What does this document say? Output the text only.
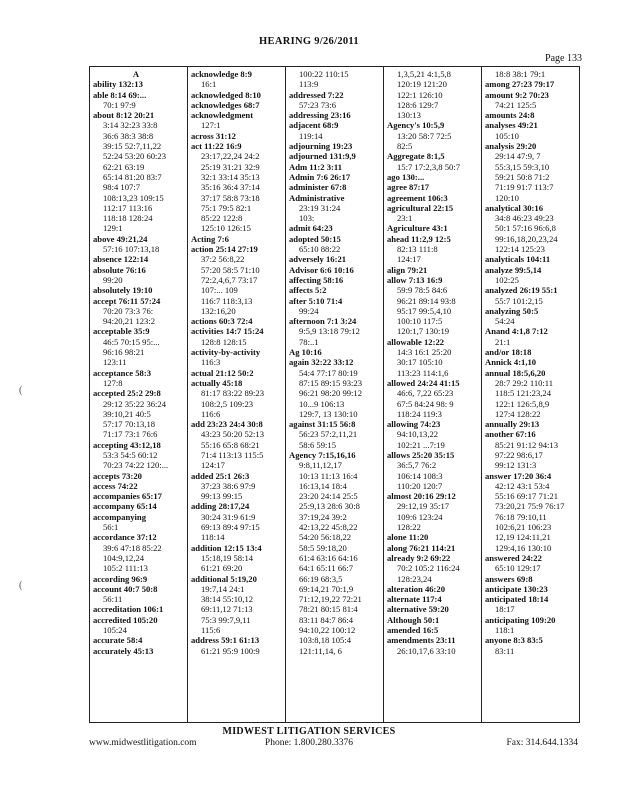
HEARING 9/26/2011
Page 133
(
(
A
ability 132:13
able 8:14 69:...
70:1 97:9
about 8:12 20:21
3:14 32:23 33:8
36:6 38:3 38:8
39:15 52:7,11,22
52:24 53:20 60:23
62:21 63:19
65:14 81:20 83:7
98:4 107:7
108:13,23 109:15
112:17 113:16
118:18 128:24
129:1
above 49:21,24
57:16 107:13,18
absence 122:14
absolute 76:16
99:20
absolutely 19:10
accept 76:11 57:24
70:20 73:3 76:
94:20,21 123:2
acceptable 35:9
46:5 70:15 95:...
96:16 98:21
123:11
acceptance 58:3
127:8
accepted 25:2 29:8
29:12 35:22 36:24
39:10,21 40:5
57:17 70:13,18
71:17 73:1 76:6
accepting 43:12,18
53:3 54:5 60:12
70:23 74:22 120:...
accepts 73:20
access 74:22
accompanies 65:17
accompany 65:14
accompanying
56:1
accordance 37:12
39:6 47:18 85:22
104:9,12,24
105:2 111:13
according 96:9
account 40:7 50:8
56:11
accreditation 106:1
accredited 105:20
105:24
accurate 58:4
accurately 45:13
acknowledge 8:9
16:1
acknowledged 8:10
acknowledges 68:7
acknowledgment
127:1
across 31:12
act 11:22 16:9
23:17,22,24 24:2
25:19 31:21 32:9
32:1 33:14 35:13
35:16 36:4 37:14
37:17 58:8 73:18
75:1 79:5 82:1
85:22 122:8
125:10 126:15
Acting 7:6
action 25:14 27:19
37:2 56:8,22
57:20 58:5 71:10
72:2,4,6,7 73:17
107:... 109
116:7 118:3,13
132:16,20
actions 60:3 72:4
activities 14:7 15:24
128:8 128:15
activity-by-activity
116:3
actual 21:12 50:2
actually 45:18
81:17 83:22 89:23
108:2,5 109:23
116:6
add 23:23 24:4 30:8
43:23 50:20 52:13
55:16 65:8 68:21
71:4 113:13 115:5
124:17
added 25:1 26:3
37:23 38:6 97:9
99:13 99:15
adding 28:17,24
30:24 31:9 61:9
69:13 89:4 97:15
118:14
addition 12:15 13:4
15:18,19 58:14
61:21 69:20
additional 5:19,20
19:7,14 24:1
38:14 55:10,12
69:11,12 71:13
75:3 99:7,9,11
115:6
address 59:1 61:13
61:21 95:9 100:9
100:22 110:15
113:9
addressed 7:22
57:23 73:6
addressing 23:16
adjacent 68:9
119:14
adjourning 19:23
adjourned 131:9,9
Adm 11:2 3:11
Admin 7:6 26:17
administer 67:8
Administrative
23:19 31:24
103:
admit 64:23
adopted 50:15
65:10 88:22
adversely 16:21
Advisor 6:6 10:16
affecting 58:16
affects 5:2
after 5:10 71:4
99:24
afternoon 7:1 3:24
9:5,9 13:18 79:12
78:..1
Ag 10:16
again 32:22 33:12
54:4 77:17 80:19
87:15 89:15 93:23
96:21 98:20 99:12
10...9 106:13
129:7, 13 130:10
against 31:15 56:8
56:23 57:2,11,21
58:6 59:15
Agency 7:15,16,16
9:8,11,12,17
10:13 11:13 16:4
16:13,14 18:4
23:20 24:14 25:5
25:9,13 28:6 30:8
37:19,24 39:2
42:13,22 45:8,22
54:20 56:18,22
58:5 59:18,20
61:4 63:16 64:16
64:1 65:11 66:7
66:19 68:3,5
69:14,21 70:1,9
71:12,19,22 72:21
78:21 80:15 81:4
83:11 84:7 86:4
94:10,22 100:12
103:8,18 105:4
121:11,14, 6
1,3,5,21 4:1,5,8
120:19 121:20
122:1 126:10
128:6 129:7
130:13
Agency's 10:5,9
13:20 58:7 72:5
82:5
Aggregate 8:1,5
15:7 17:2,3,8 50:7
ago 130:...
agree 87:17
agreement 106:3
agricultural 22:15
23:1
Agriculture 43:1
ahead 11:2,9 12:5
82:13 111:8
124:17
align 79:21
allow 7:13 16:9
59:9 78:5 84:6
96:21 89:14 93:8
95:17 99:5,4,10
100:10 117:5
120:1,7 130:19
allowable 12:22
14:3 16:1 25:20
30:17 105:10
113:23 114:1,6
allowed 24:24 41:15
46:6, 7,22 65:23
67:5 84:24 98: 9
118:24 119:3
allowing 74:23
94:10,13,22
102:21 ...7:19
allows 25:20 35:15
36:5,7 76:2
106:14 108:3
110:20 120:7
almost 20:16 29:12
29:12,19 35:17
109:6 123:24
128:22
alone 11:20
along 76:21 114:21
already 9:2 69:22
70:2 105:2 116:24
128:23,24
alteration 46:20
alternate 117:4
alternative 59:20
Although 50:1
amended 16:5
amendments 23:11
26:10,17,6 33:10
18:8 38:1 79:1
among 27:23 79:17
amount 9:2 70:23
74:21 125:5
amounts 24:8
analyses 49:21
105:10
analysis 29:20
29:14 47:9, 7
55:3,15 59:3,10
59:21 50:8 71:2
71:19 91:7 113:7
120:10
analytical 30:16
34:8 46:23 49:23
50:1 57:16 96:6,8
99:16,18,20,23,24
122:14 125:23
analyticals 104:11
analyze 99:5,14
102:25
analyzed 26:19 55:1
55:7 101:2,15
analyzing 50:5
54:24
Anand 4:1,8 7:12
21:1
and/or 18:18
Annick 4:1,10
annual 18:5,6,20
28:7 29:2 110:11
118:5 121:23,24
122:1 126:5,8,9
127:4 128:22
annually 29:13
another 67:16
85:21 91:12 94:13
97:22 98:6,17
99:12 131:3
answer 17:20 36:4
42:12 43:1 53:4
55:16 69:17 71:21
73:20,21 75:9 76:17
76:18 79:10,11
102:6,21 106:23
12,19 124:11,21
129:4,16 130:10
answered 24:22
65:10 129:17
answers 69:8
anticipate 130:23
anticipated 18:14
18:17
anticipating 109:20
118:1
anyone 8:3 83:5
83:11
MIDWEST LITIGATION SERVICES
www.midwestlitigation.com	Phone: 1.800.280.3376	Fax: 314.644.1334
